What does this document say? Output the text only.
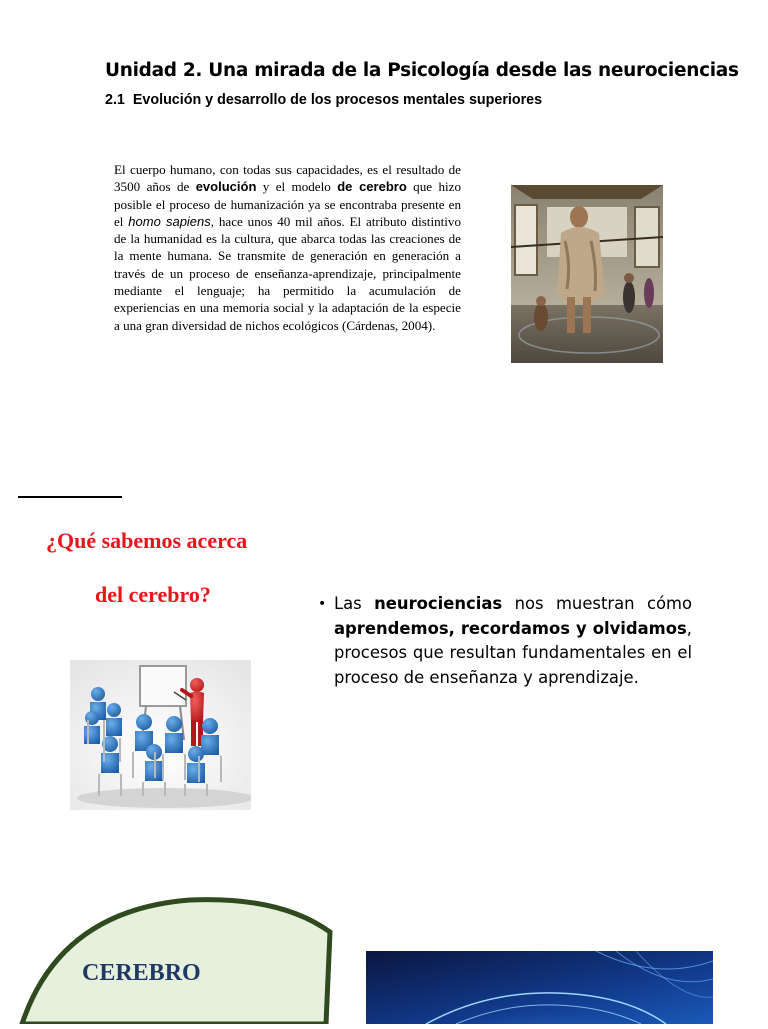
Unidad 2. Una mirada de la Psicología desde las neurociencias
2.1 Evolución y desarrollo de los procesos mentales superiores
El cuerpo humano, con todas sus capacidades, es el resultado de 3500 años de evolución y el modelo de cerebro que hizo posible el proceso de humanización ya se encontraba presente en el homo sapiens, hace unos 40 mil años. El atributo distintivo de la humanidad es la cultura, que abarca todas las creaciones de la mente humana. Se transmite de generación en generación a través de un proceso de enseñanza-aprendizaje, principalmente mediante el lenguaje; ha permitido la acumulación de experiencias en una memoria social y la adaptación de la especie a una gran diversidad de nichos ecológicos (Cárdenas, 2004).
¿Qué sabemos acerca
del cerebro?	• Las neurociencias nos muestran cómo aprendemos, recordamos y olvidamos, procesos que resultan fundamentales en el proceso de enseñanza y aprendizaje.
CEREBRO
